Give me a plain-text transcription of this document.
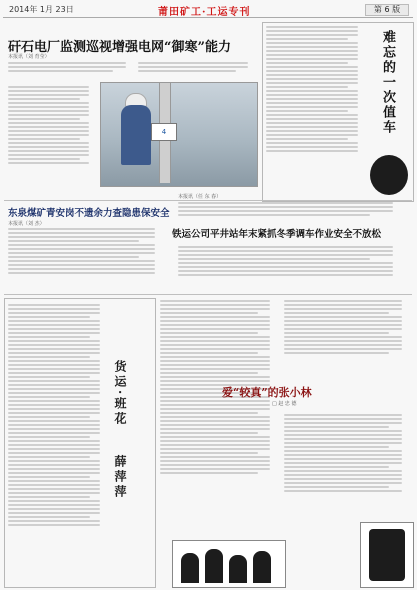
2014年 1月 23日	莆田矿工·工运专刊	第 6 版
矸石电厂监测巡视增强电网“御寒”能力
本报讯（刘 育莹）
4	难忘的一次值车
东泉煤矿青安岗不遗余力查隐患保安全
本报讯（刘 杰）
本报讯（任 东 春）
铁运公司平井站年末紧抓冬季调车作业安全不放松
货运·班花
薛萍萍
爱“较真”的张小林
□ 赵 忠 德
